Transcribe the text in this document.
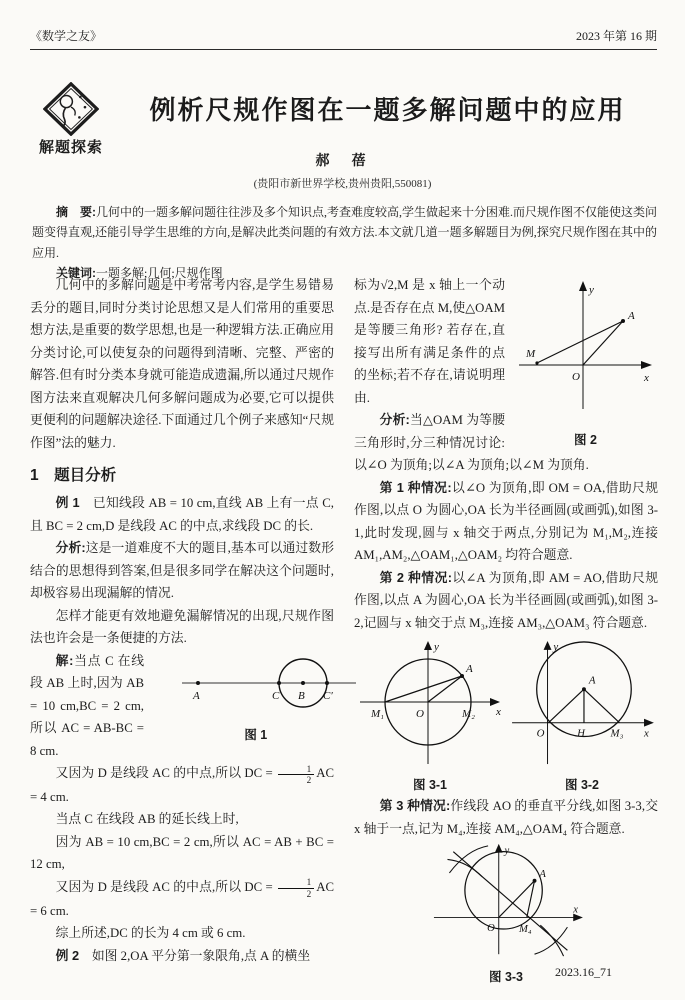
《数学之友》	2023 年第 16 期
解题探索
例析尺规作图在一题多解问题中的应用
郝　蓓
(贵阳市新世界学校,贵州贵阳,550081)

摘　要:几何中的一题多解问题往往涉及多个知识点,考查难度较高,学生做起来十分困难.而尺规作图不仅能使这类问题变得直观,还能引导学生思维的方向,是解决此类问题的有效方法.本文就几道一题多解题目为例,探究尺规作图在其中的应用.

关键词:一题多解;几何;尺规作图

几何中的多解问题是中考常考内容,是学生易错易丢分的题目,同时分类讨论思想又是人们常用的重要思想方法,是重要的数学思想,也是一种逻辑方法.正确应用分类讨论,可以使复杂的问题得到清晰、完整、严密的解答.但有时分类本身就可能造成遗漏,所以通过尺规作图方法来直观解决几何多解问题成为必要,它可以提供更便利的问题解决途径.下面通过几个例子来感知“尺规作图”法的魅力.

1　题目分析

例 1　已知线段 AB = 10 cm,直线 AB 上有一点 C,且 BC = 2 cm,D 是线段 AC 的中点,求线段 DC 的长.

分析:这是一道难度不大的题目,基本可以通过数形结合的思想得到答案,但是很多同学在解决这个问题时,却极容易出现漏解的情况.

怎样才能更有效地避免漏解情况的出现,尺规作图法也许会是一条便捷的方法.

A	C B C′
图 1
解:当点 C 在线段 AB 上时,因为 AB = 10 cm,BC = 2 cm,所以 AC = AB-BC = 8 cm.

又因为 D 是线段 AC 的中点,所以 DC = $\frac{1}{2}$ AC = 4 cm.

当点 C 在线段 AB 的延长线上时,

因为 AB = 10 cm,BC = 2 cm,所以 AC = AB + BC = 12 cm,

又因为 D 是线段 AC 的中点,所以 DC = $\frac{1}{2}$ AC = 6 cm.

综上所述,DC 的长为 4 cm 或 6 cm.

例 2　如图 2,OA 平分第一象限角,点 A 的横坐

y
x
M
O
A
图 2
标为√2,M 是 x 轴上一个动点.是否存在点 M,使△OAM 是等腰三角形? 若存在,直接写出所有满足条件的点的坐标;若不存在,请说明理由.

分析:当△OAM 为等腰三角形时,分三种情况讨论:以∠O 为顶角;以∠A 为顶角;以∠M 为顶角.

第 1 种情况:以∠O 为顶角,即 OM = OA,借助尺规作图,以点 O 为圆心,OA 长为半径画圆(或画弧),如图 3-1,此时发现,圆与 x 轴交于两点,分别记为 M₁,M₂,连接 AM₁,AM₂,△OAM₁,△OAM₂ 均符合题意.

第 2 种情况:以∠A 为顶角,即 AM = AO,借助尺规作图,以点 A 为圆心,OA 长为半径画圆(或画弧),如图 3-2,记圆与 x 轴交于点 M₃,连接 AM₃,△OAM₃ 符合题意.

y
x
O
M₁	M₂
A
图 3-1
y
x
O	H M₃
A
图 3-2

第 3 种情况:作线段 AO 的垂直平分线,如图 3-3,交 x 轴于一点,记为 M₄,连接 AM₄,△OAM₄ 符合题意.

y
x
O M₄
A
图 3-3	2023.16_71
